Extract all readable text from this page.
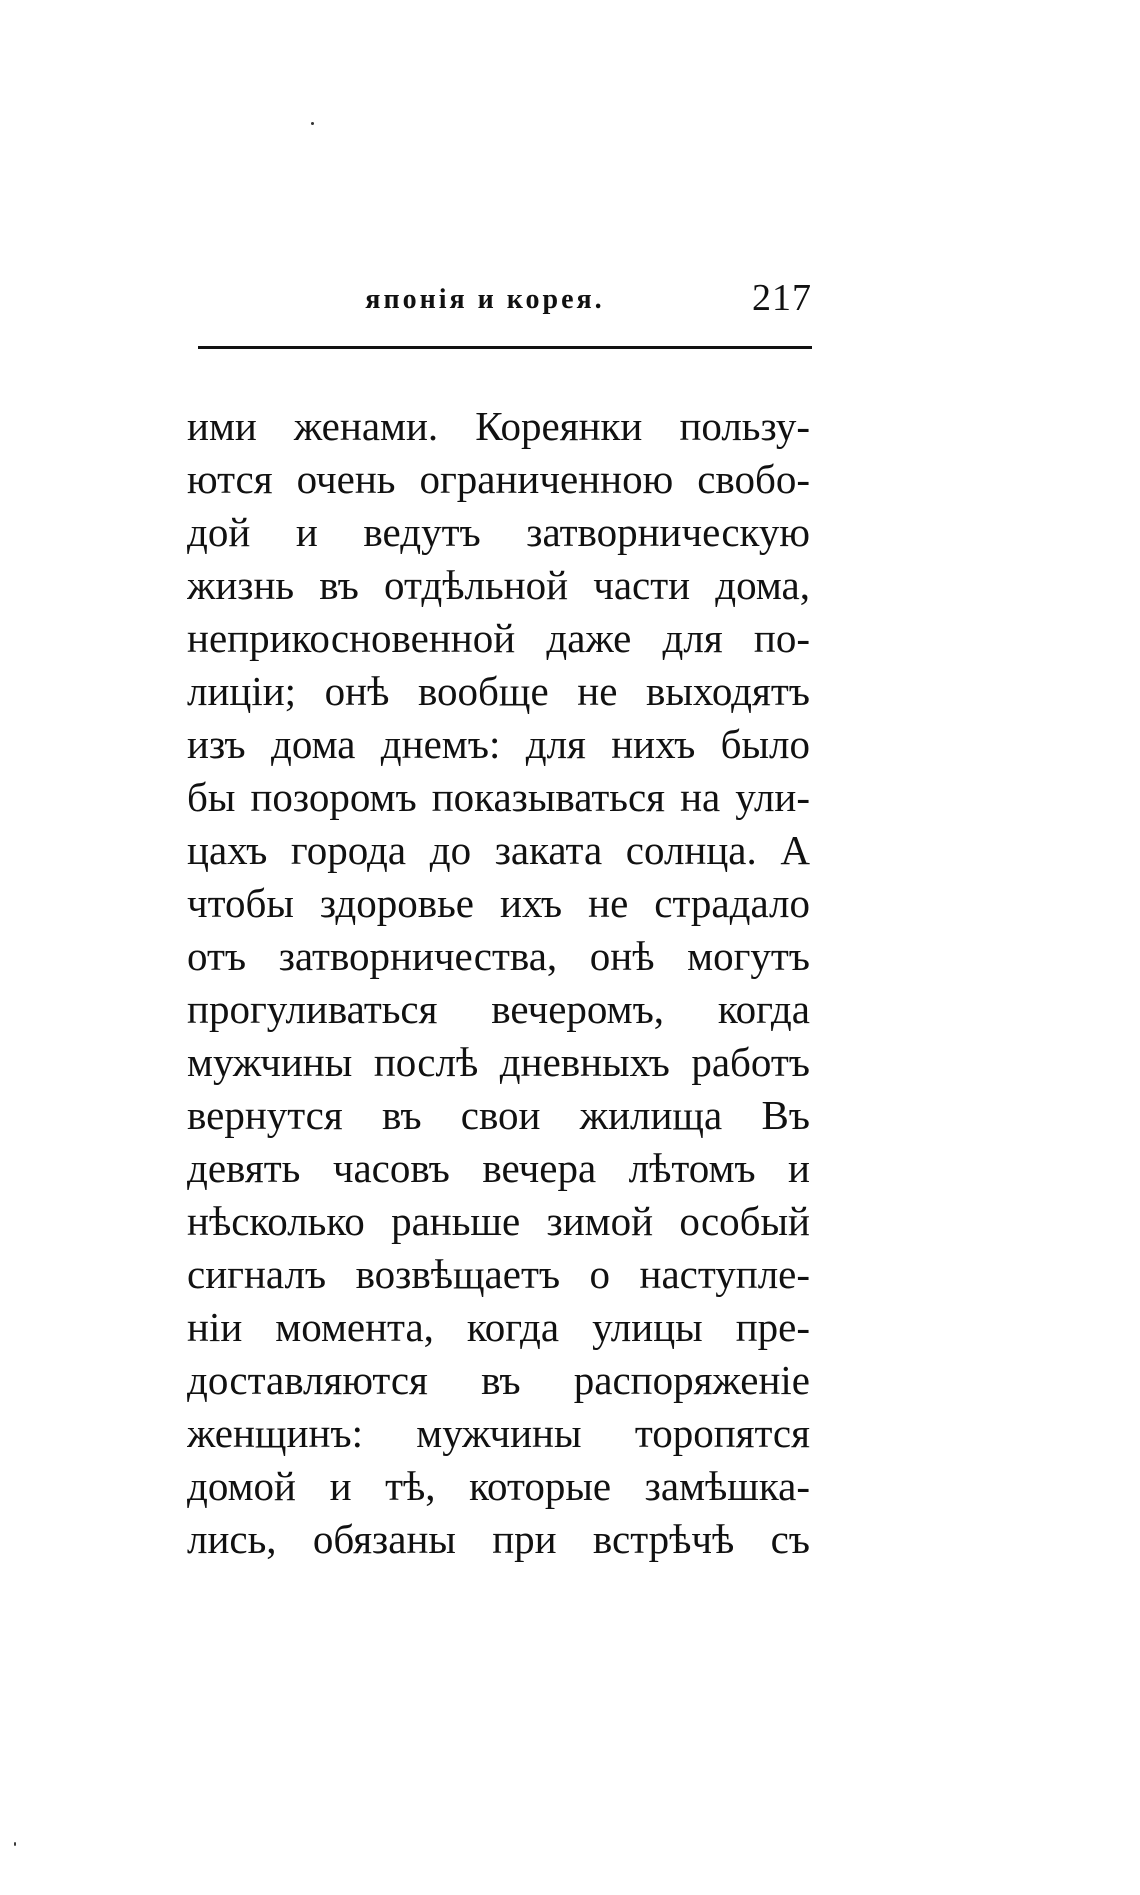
японія и корея.	217
ими женами. Кореянки пользу-
ются очень ограниченною свобо-
дой и ведутъ затворническую
жизнь въ отдѣльной части дома,
неприкосновенной даже для по-
лиціи; онѣ вообще не выходятъ
изъ дома днемъ: для нихъ было
бы позоромъ показываться на ули-
цахъ города до заката солнца. А
чтобы здоровье ихъ не страдало
отъ затворничества, онѣ могутъ
прогуливаться вечеромъ, когда
мужчины послѣ дневныхъ работъ
вернутся въ свои жилища Въ
девять часовъ вечера лѣтомъ и
нѣсколько раньше зимой особый
сигналъ возвѣщаетъ о наступле-
ніи момента, когда улицы пре-
доставляются въ распоряженіе
женщинъ: мужчины торопятся
домой и тѣ, которые замѣшка-
лись, обязаны при встрѣчѣ съ
